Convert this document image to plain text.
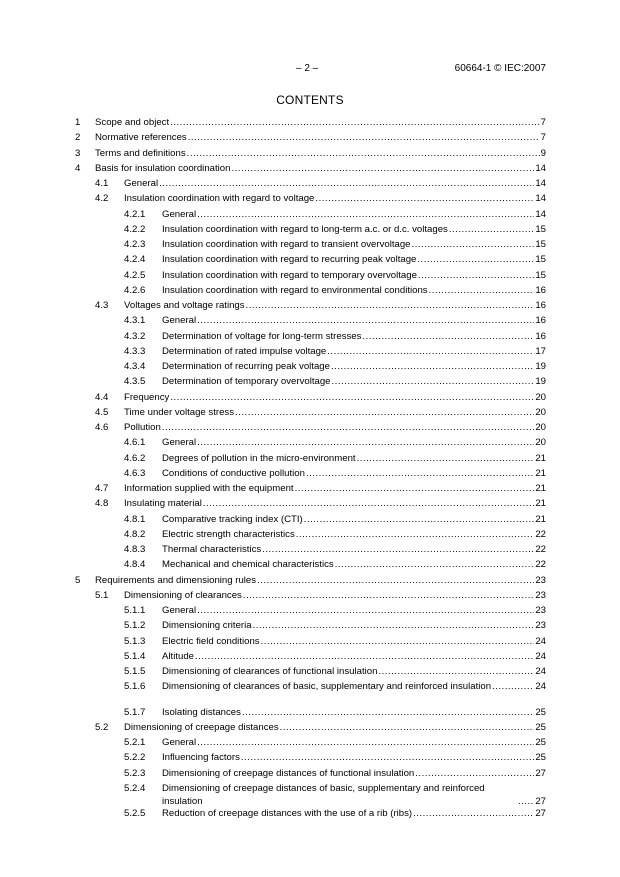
– 2 –	60664-1 © IEC:2007
CONTENTS
1 Scope and object .....	7
2 Normative references .....	7
3 Terms and definitions .....	9
4 Basis for insulation coordination .....	14
4.1 General .....	14
4.2 Insulation coordination with regard to voltage .....	14
4.2.1 General .....	14
4.2.2 Insulation coordination with regard to long-term a.c. or d.c. voltages .....	15
4.2.3 Insulation coordination with regard to transient overvoltage .....	15
4.2.4 Insulation coordination with regard to recurring peak voltage .....	15
4.2.5 Insulation coordination with regard to temporary overvoltage .....	15
4.2.6 Insulation coordination with regard to environmental conditions .....	16
4.3 Voltages and voltage ratings .....	16
4.3.1 General .....	16
4.3.2 Determination of voltage for long-term stresses .....	16
4.3.3 Determination of rated impulse voltage .....	17
4.3.4 Determination of recurring peak voltage .....	19
4.3.5 Determination of temporary overvoltage .....	19
4.4 Frequency .....	20
4.5 Time under voltage stress .....	20
4.6 Pollution .....	20
4.6.1 General .....	20
4.6.2 Degrees of pollution in the micro-environment .....	21
4.6.3 Conditions of conductive pollution .....	21
4.7 Information supplied with the equipment .....	21
4.8 Insulating material .....	21
4.8.1 Comparative tracking index (CTI) .....	21
4.8.2 Electric strength characteristics .....	22
4.8.3 Thermal characteristics .....	22
4.8.4 Mechanical and chemical characteristics .....	22
5 Requirements and dimensioning rules .....	23
5.1 Dimensioning of clearances .....	23
5.1.1 General .....	23
5.1.2 Dimensioning criteria .....	23
5.1.3 Electric field conditions .....	24
5.1.4 Altitude .....	24
5.1.5 Dimensioning of clearances of functional insulation .....	24
5.1.6 Dimensioning of clearances of basic, supplementary and reinforced insulation .....	24
5.1.7 Isolating distances .....	25
5.2 Dimensioning of creepage distances .....	25
5.2.1 General .....	25
5.2.2 Influencing factors .....	25
5.2.3 Dimensioning of creepage distances of functional insulation .....	27
5.2.4 Dimensioning of creepage distances of basic, supplementary and reinforced insulation .....	27
5.2.5 Reduction of creepage distances with the use of a rib (ribs) .....	27
